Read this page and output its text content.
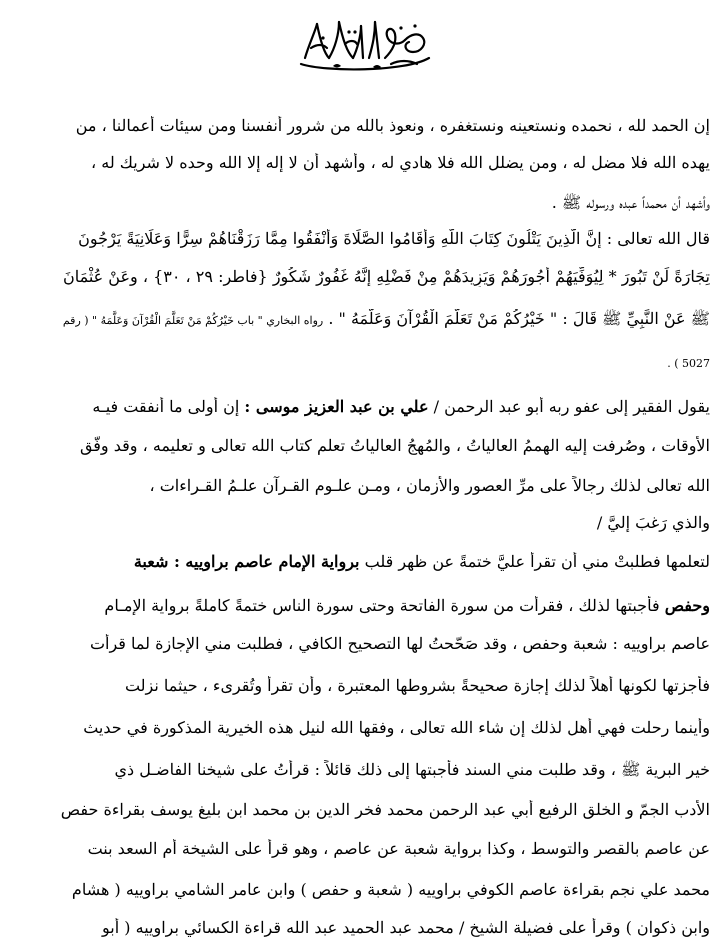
إن الحمد لله ، نحمده ونستعينه ونستغفره ، ونعوذ بالله من شرور أنفسنا ومن سيئات أعمالنا ، من
يهده الله فلا مضل له ، ومن يضلل الله فلا هادي له ، وأشهد أن لا إله إلا الله وحده لا شريك له ،
وأشهد أن محمداً عبده ورسوله ﷺ .
قال الله تعالى : إِنَّ الَّذِينَ يَتْلُونَ كِتَابَ اللَّهِ وَأَقَامُوا الصَّلَاةَ وَأَنْفَقُوا مِمَّا رَزَقْنَاهُمْ سِرًّا وَعَلَانِيَةً يَرْجُونَ
تِجَارَةً لَنْ تَبُورَ * لِيُوَفِّيَهُمْ أُجُورَهُمْ وَيَزِيدَهُمْ مِنْ فَضْلِهِ إِنَّهُ غَفُورٌ شَكُورٌ {فاطر: ٢٩ ، ٣٠} ، وعَنْ عُثْمَانَ
ﷺ عَنْ النَّبِيِّ ﷺ قَالَ : " خَيْرُكُمْ مَنْ تَعَلَّمَ الْقُرْآنَ وَعَلَّمَهُ " . رواه البخاري " باب خَيْرُكُمْ مَنْ تَعَلَّمَ الْقُرْآنَ وَعَلَّمَهُ " ( رقم
5027 ) .
يقول الفقير إلى عفو ربه أبو عبد الرحمن / علي بن عبد العزيز موسى : إن أولى ما أُنفقت فيـه
الأوقات ، وصُرفت إليه الهممُ العالياتُ ، والمُهجُ العالياتُ تعلم كتاب الله تعالى و تعليمه ، وقد وفّق
الله تعالى لذلك رجالاً على مرِّ العصور والأزمان ، ومـن علـوم القـرآن علـمُ القـراءات ،
والذي رَغبَ إليَّ /
لتعلمها فطلبتْ مني أن تقرأ عليَّ ختمةً عن ظهر قلب برواية الإمام عاصم براوييه : شعبة
وحفص فأجبتها لذلك ، فقرأت من سورة الفاتحة وحتى سورة الناس ختمةً كاملةً برواية الإمـام
عاصم براوييه : شعبة وحفص ، وقد صَحّحتُ لها التصحيح الكافي ، فطلبت مني الإجازة لما قرأت
فأجزتها لكونها أهلاً لذلك إجازة صحيحةً بشروطها المعتبرة ، وأن تقرأ وتُقرىء ، حيثما نزلت
وأينما رحلت فهي أهل لذلك إن شاء الله تعالى ، وفقها الله لنيل هذه الخيرية المذكورة في حديث
خير البرية ﷺ ، وقد طلبت مني السند فأجبتها إلى ذلك قائلاً : قرأتُ على شيخنا الفاضـل ذي
الأدب الجمّ و الخلق الرفيع أبي عبد الرحمن محمد فخر الدين بن محمد ابن بليغ يوسف بقراءة حفص
عن عاصم بالقصر والتوسط ، وكذا برواية شعبة عن عاصم ، وهو قرأ على الشيخة أم السعد بنت
محمد علي نجم بقراءة عاصم الكوفي براوييه ( شعبة و حفص ) وابن عامر الشامي براوييه ( هشام
وابن ذكوان ) وقرأ على فضيلة الشيخ / محمد عبد الحميد عبد الله قراءة الكسائي براوييه ( أبو
